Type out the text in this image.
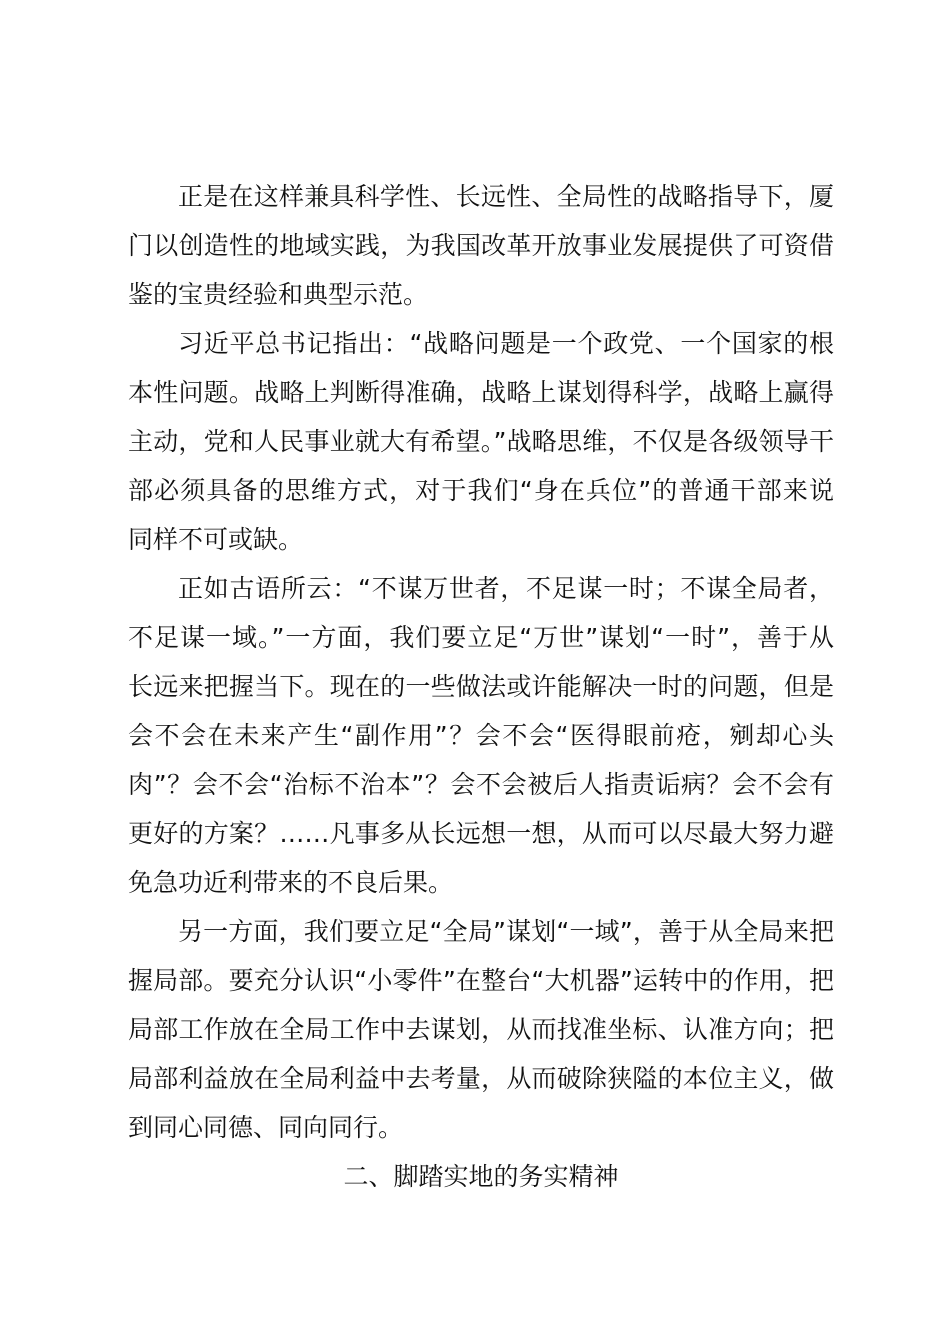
正是在这样兼具科学性、长远性、全局性的战略指导下，厦门以创造性的地域实践，为我国改革开放事业发展提供了可资借鉴的宝贵经验和典型示范。

习近平总书记指出：“战略问题是一个政党、一个国家的根本性问题。战略上判断得准确，战略上谋划得科学，战略上赢得主动，党和人民事业就大有希望。”战略思维，不仅是各级领导干部必须具备的思维方式，对于我们“身在兵位”的普通干部来说 同样不可或缺。

正如古语所云：“不谋万世者，不足谋一时；不谋全局者，不足谋一域。”一方面，我们要立足“万世”谋划“一时”，善于从 长远来把握当下。现在的一些做法或许能解决一时的问题，但是 会不会在未来产生“副作用”？会不会“医得眼前疮，剜却心头 肉”？会不会“治标不治本”？会不会被后人指责诟病？会不会有更好的方案？……凡事多从长远想一想，从而可以尽最大努力避 免急功近利带来的不良后果。

另一方面，我们要立足“全局”谋划“一域”，善于从全局来把握局部。要充分认识“小零件”在整台“大机器”运转中的作用，把局部工作放在全局工作中去谋划，从而找准坐标、认准方向；把局部利益放在全局利益中去考量，从而破除狭隘的本位主义，做到同心同德、同向同行。

二、脚踏实地的务实精神
